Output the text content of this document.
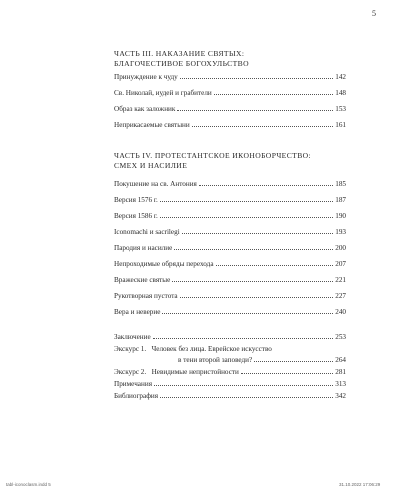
5

ЧАСТЬ III. НАКАЗАНИЕ СВЯТЫХ:

БЛАГОЧЕСТИВОЕ БОГОХУЛЬСТВО

Принуждение к чуду	142
Св. Николай, иудей и грабители	148
Образ как заложник	153
Неприкасаемые святыни	161

ЧАСТЬ IV. ПРОТЕСТАНТСКОЕ ИКОНОБОРЧЕСТВО:

СМЕХ И НАСИЛИЕ

Покушение на св. Антония	185
Версия 1576 г.	187
Версия 1586 г.	190
Iconomachi и sacrilegi	193
Пародия и насилие	200
Непроходимые обряды перехода	207
Вражеские святые	221
Рукотворная пустота	227
Вера и неверие	240
Заключение	253
Экскурс 1.   Человек без лица. Еврейское искусство
в тени второй заповеди?	264
Экскурс 2.   Невидимые непристойности	281
Примечания	313
Библиография	342
tabl-iconoclasm.indd 5	31.10.2022 17:06:29
